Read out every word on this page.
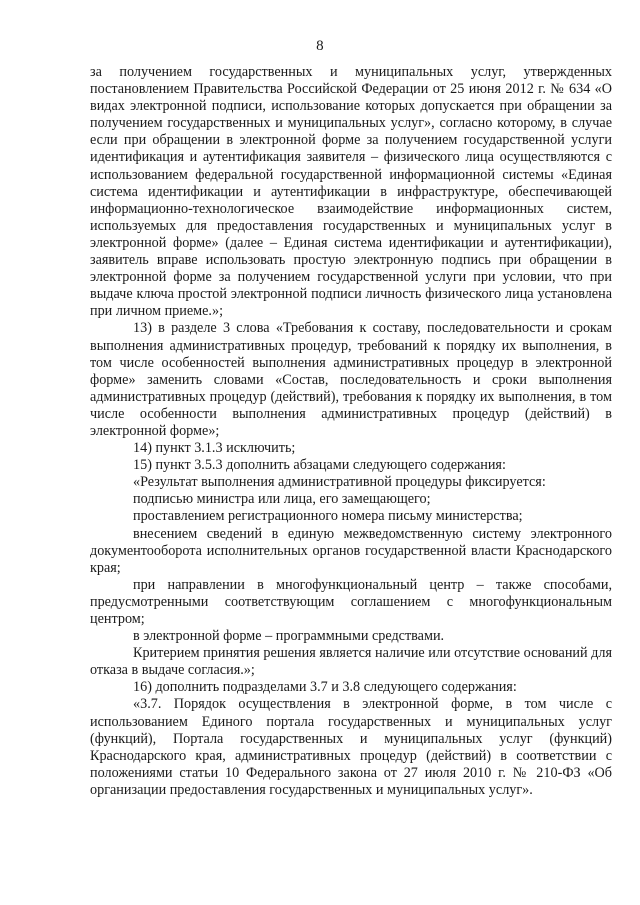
8

за получением государственных и муниципальных услуг, утвержденных постановлением Правительства Российской Федерации от 25 июня 2012 г. № 634 «О видах электронной подписи, использование которых допускается при обращении за получением государственных и муниципальных услуг», согласно которому, в случае если при обращении в электронной форме за получением государственной услуги идентификация и аутентификация заявителя – физического лица осуществляются с использованием федеральной государственной информационной системы «Единая система идентификации и аутентификации в инфраструктуре, обеспечивающей информационно-технологическое взаимодействие информационных систем, используемых для предоставления государственных и муниципальных услуг в электронной форме» (далее – Единая система идентификации и аутентификации), заявитель вправе использовать простую электронную подпись при обращении в электронной форме за получением государственной услуги при условии, что при выдаче ключа простой электронной подписи личность физического лица установлена при личном приеме.»;

13) в разделе 3 слова «Требования к составу, последовательности и срокам выполнения административных процедур, требований к порядку их выполнения, в том числе особенностей выполнения административных процедур в электронной форме» заменить словами «Состав, последовательность и сроки выполнения административных процедур (действий), требования к порядку их выполнения, в том числе особенности выполнения административных процедур (действий) в электронной форме»;

14) пункт 3.1.3 исключить;

15) пункт 3.5.3 дополнить абзацами следующего содержания:

«Результат выполнения административной процедуры фиксируется:

подписью министра или лица, его замещающего;

проставлением регистрационного номера письму министерства;

внесением сведений в единую межведомственную систему электронного документооборота исполнительных органов государственной власти Краснодарского края;

при направлении в многофункциональный центр – также способами, предусмотренными соответствующим соглашением с многофункциональным центром;

в электронной форме – программными средствами.

Критерием принятия решения является наличие или отсутствие оснований для отказа в выдаче согласия.»;

16) дополнить подразделами 3.7 и 3.8 следующего содержания:

«3.7. Порядок осуществления в электронной форме, в том числе с использованием Единого портала государственных и муниципальных услуг (функций), Портала государственных и муниципальных услуг (функций) Краснодарского края, административных процедур (действий) в соответствии с положениями статьи 10 Федерального закона от 27 июля 2010 г. № 210-ФЗ «Об организации предоставления государственных и муниципальных услуг».
